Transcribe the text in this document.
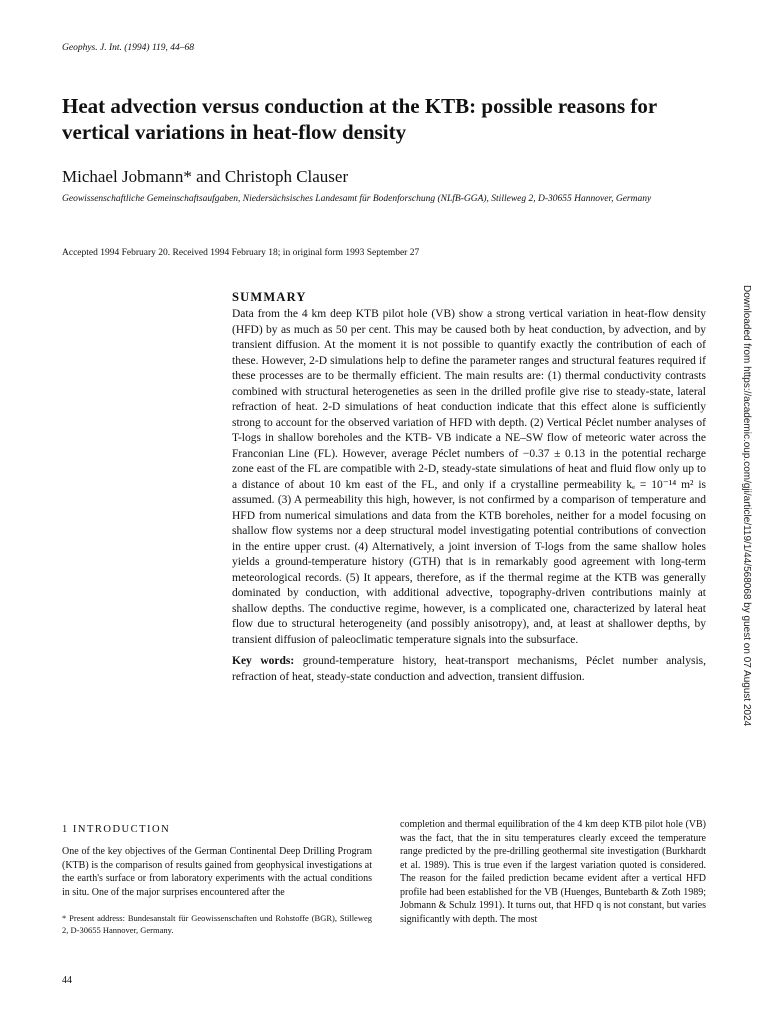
Geophys. J. Int. (1994) 119, 44–68
Heat advection versus conduction at the KTB: possible reasons for vertical variations in heat-flow density
Michael Jobmann* and Christoph Clauser
Geowissenschaftliche Gemeinschaftsaufgaben, Niedersächsisches Landesamt für Bodenforschung (NLfB-GGA), Stilleweg 2, D-30655 Hannover, Germany
Accepted 1994 February 20. Received 1994 February 18; in original form 1993 September 27
SUMMARY

Data from the 4 km deep KTB pilot hole (VB) show a strong vertical variation in heat-flow density (HFD) by as much as 50 per cent. This may be caused both by heat conduction, by advection, and by transient diffusion. At the moment it is not possible to quantify exactly the contribution of each of these. However, 2-D simulations help to define the parameter ranges and structural features required if these processes are to be thermally efficient. The main results are: (1) thermal conductivity contrasts combined with structural heterogeneties as seen in the drilled profile give rise to steady-state, lateral refraction of heat. 2-D simulations of heat conduction indicate that this effect alone is sufficiently strong to account for the observed variation of HFD with depth. (2) Vertical Péclet number analyses of T-logs in shallow boreholes and the KTB- VB indicate a NE–SW flow of meteoric water across the Franconian Line (FL). However, average Péclet numbers of −0.37 ± 0.13 in the potential recharge zone east of the FL are compatible with 2-D, steady-state simulations of heat and fluid flow only up to a distance of about 10 km east of the FL, and only if a crystalline permeability kₑ = 10⁻¹⁴ m² is assumed. (3) A permeability this high, however, is not confirmed by a comparison of temperature and HFD from numerical simulations and data from the KTB boreholes, neither for a model focusing on shallow flow systems nor a deep structural model investigating potential contributions of convection in the entire upper crust. (4) Alternatively, a joint inversion of T-logs from the same shallow holes yields a ground-temperature history (GTH) that is in remarkably good agreement with long-term meteorological records. (5) It appears, therefore, as if the thermal regime at the KTB was generally dominated by conduction, with additional advective, topography-driven contributions mainly at shallow depths. The conductive regime, however, is a complicated one, characterized by lateral heat flow due to structural heterogeneity (and possibly anisotropy), and, at least at shallower depths, by transient diffusion of paleoclimatic temperature signals into the subsurface.

Key words: ground-temperature history, heat-transport mechanisms, Péclet number analysis, refraction of heat, steady-state conduction and advection, transient diffusion.

1 INTRODUCTION

One of the key objectives of the German Continental Deep Drilling Program (KTB) is the comparison of results gained from geophysical investigations at the earth's surface or from laboratory experiments with the actual conditions in situ. One of the major surprises encountered after the

* Present address: Bundesanstalt für Geowissenschaften und Rohstoffe (BGR), Stilleweg 2, D-30655 Hannover, Germany.

completion and thermal equilibration of the 4 km deep KTB pilot hole (VB) was the fact, that the in situ temperatures clearly exceed the temperature range predicted by the pre-drilling geothermal site investigation (Burkhardt et al. 1989). This is true even if the largest variation quoted is considered. The reason for the failed prediction became evident after a vertical HFD profile had been established for the VB (Huenges, Buntebarth & Zoth 1989; Jobmann & Schulz 1991). It turns out, that HFD q is not constant, but varies significantly with depth. The most

44
Downloaded from https://academic.oup.com/gji/article/119/1/44/568068 by guest on 07 August 2024
